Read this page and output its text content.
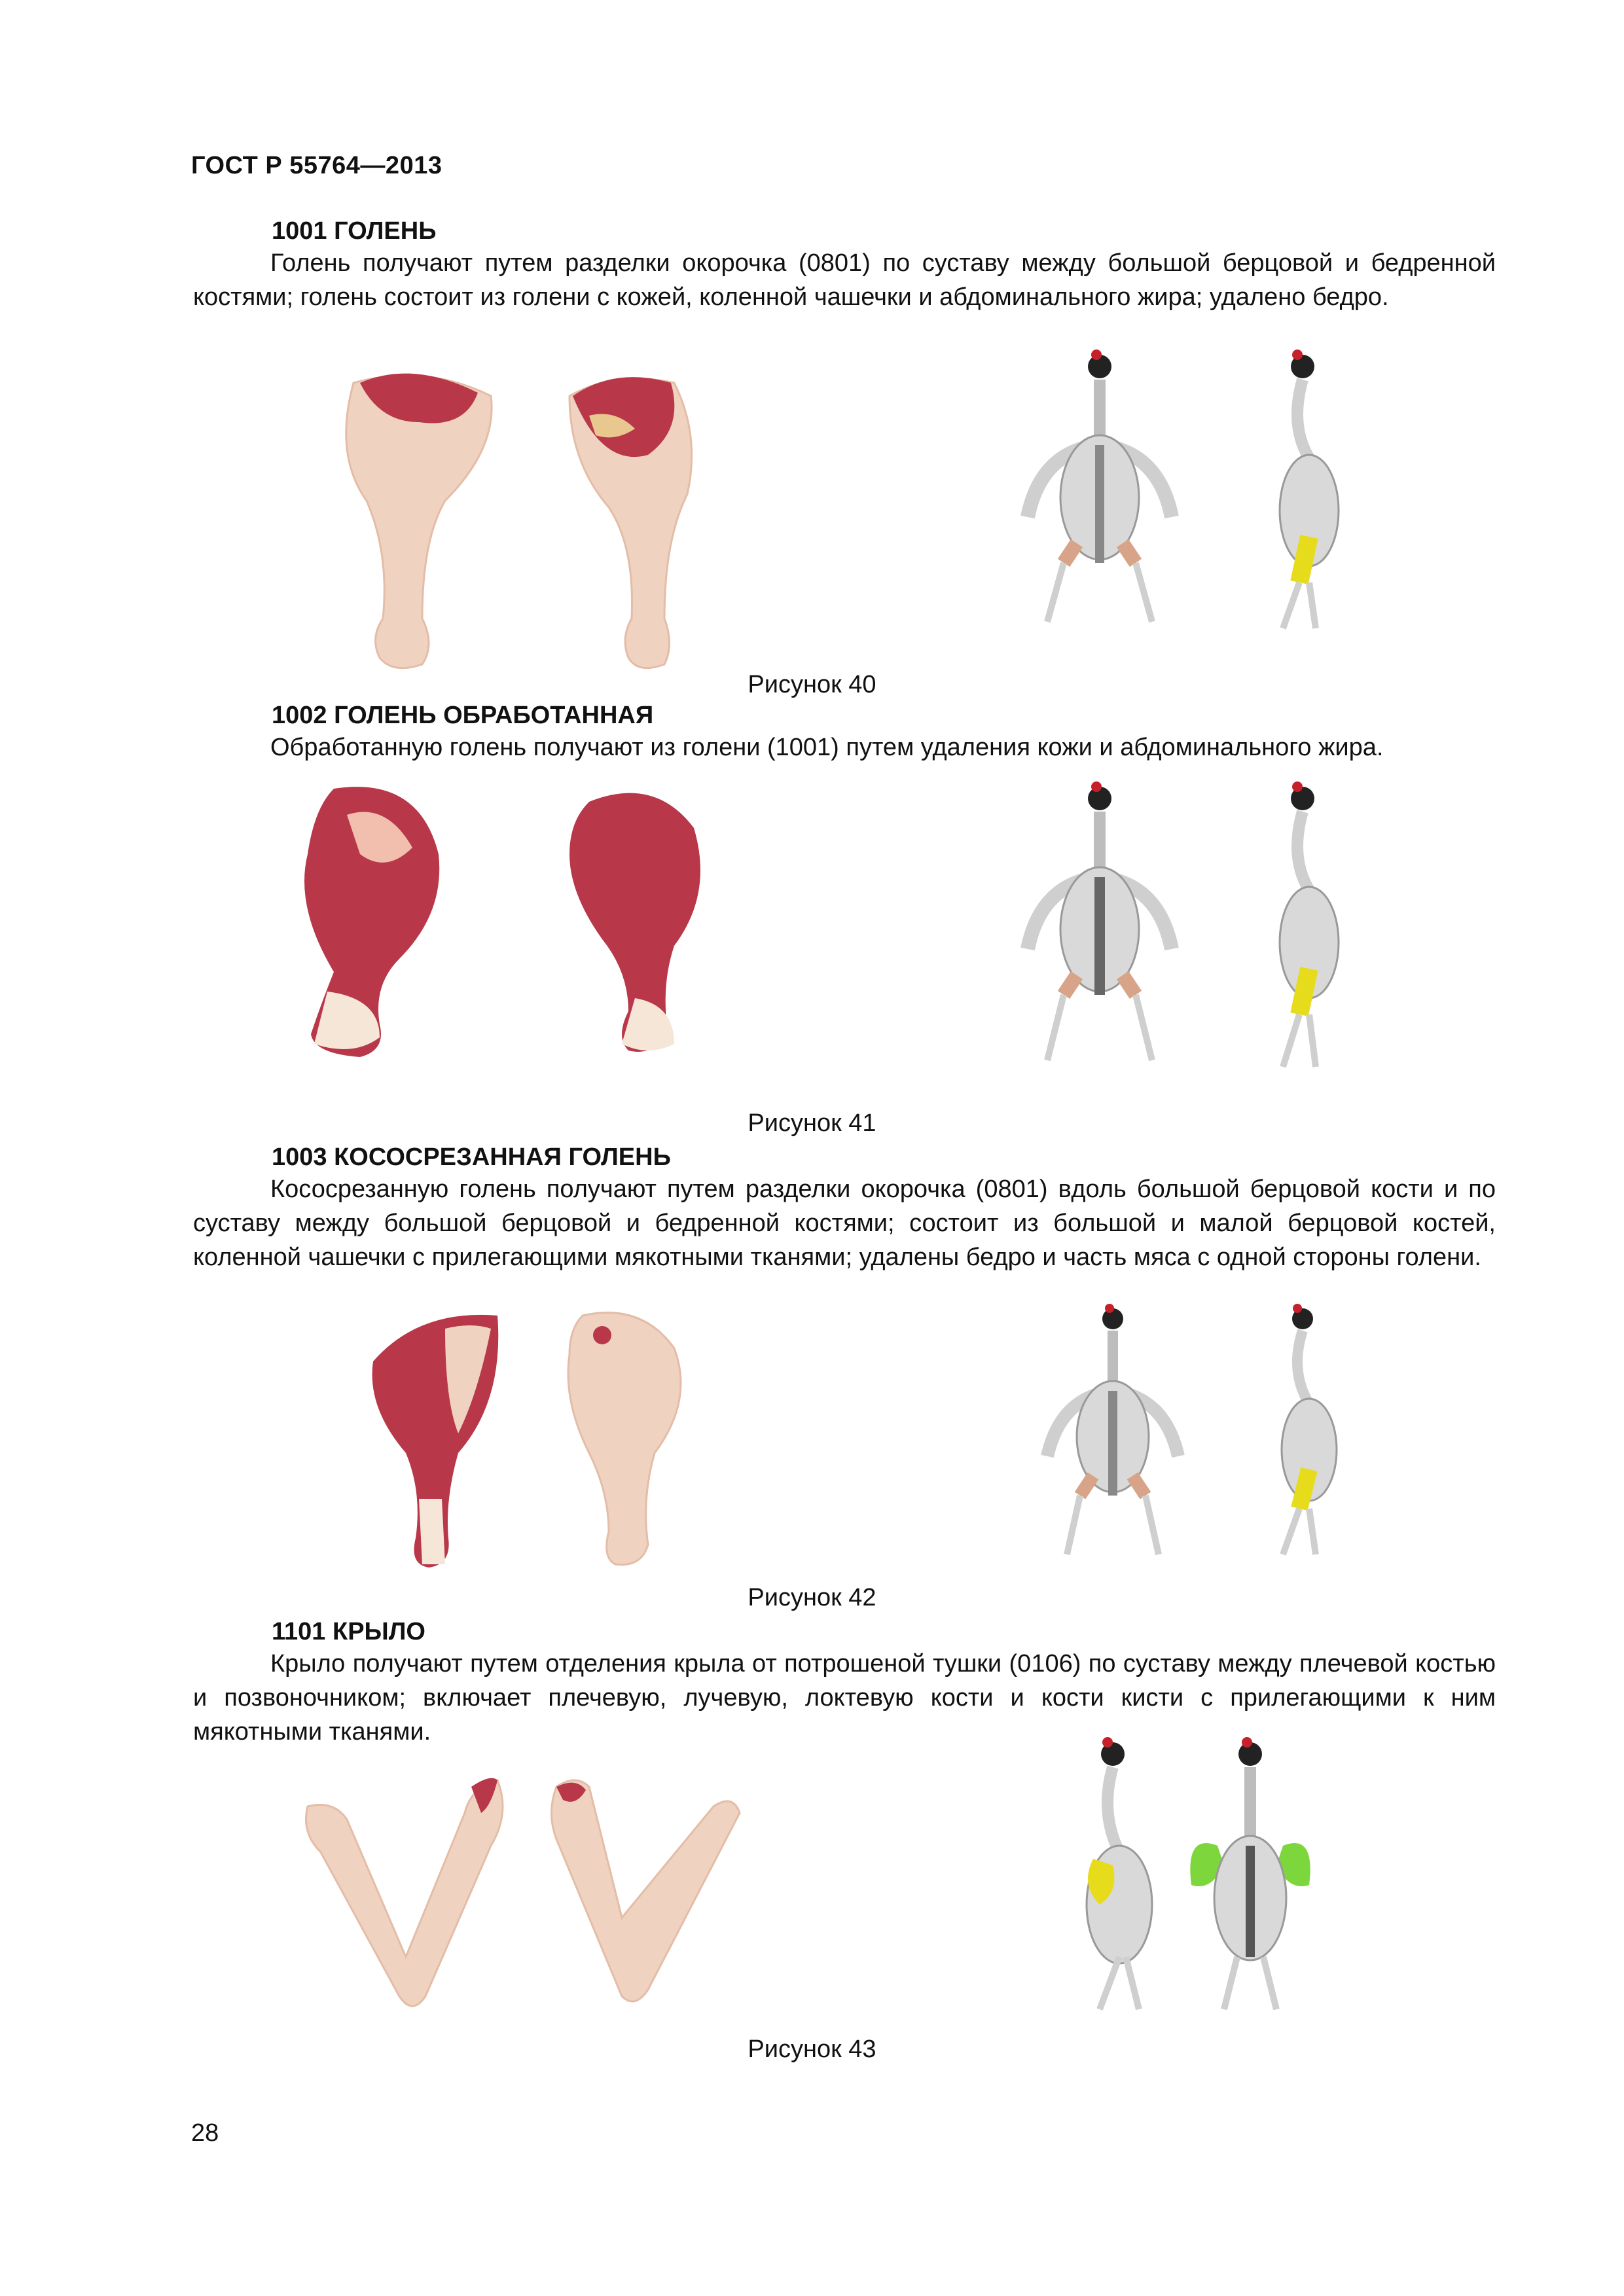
ГОСТ Р 55764—2013
1001 ГОЛЕНЬ

Голень получают путем разделки окорочка (0801) по суставу между большой берцовой и бедренной костями; голень состоит из голени с кожей, коленной чашечки и абдоминального жира; удалено бедро.

Рисунок 40
1002 ГОЛЕНЬ ОБРАБОТАННАЯ

Обработанную голень получают из голени (1001) путем удаления кожи и абдоминального жира.

Рисунок 41
1003 КОСОСРЕЗАННАЯ ГОЛЕНЬ

Кососрезанную голень получают путем разделки окорочка (0801) вдоль большой берцовой кости и по суставу между большой берцовой и бедренной костями; состоит из большой и малой берцовой костей, коленной чашечки с прилегающими мякотными тканями; удалены бедро и часть мяса с одной стороны голени.

Рисунок 42
1101 КРЫЛО

Крыло получают путем отделения крыла от потрошеной тушки (0106) по суставу между плечевой костью и позвоночником; включает плечевую, лучевую, локтевую кости и кости кисти с прилегающими к ним мякотными тканями.

Рисунок 43
28
